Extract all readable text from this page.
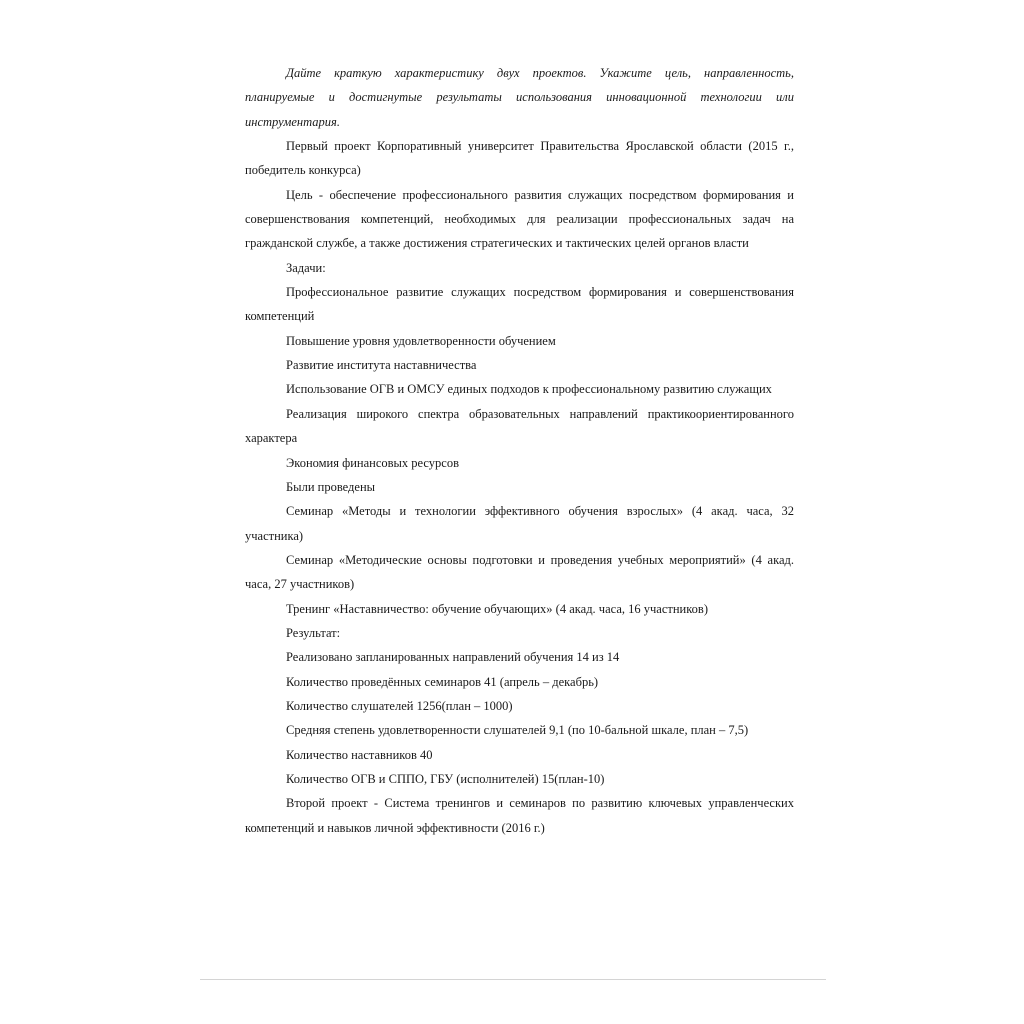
Дайте краткую характеристику двух проектов. Укажите цель, направленность, планируемые и достигнутые результаты использования инновационной технологии или инструментария.

Первый проект Корпоративный университет Правительства Ярославской области (2015 г., победитель конкурса)

Цель - обеспечение профессионального развития служащих посредством формирования и совершенствования компетенций, необходимых для реализации профессиональных задач на гражданской службе, а также достижения стратегических и тактических целей органов власти

Задачи:

Профессиональное развитие служащих посредством формирования и совершенствования компетенций

Повышение уровня удовлетворенности обучением

Развитие института наставничества

Использование ОГВ и ОМСУ единых подходов к профессиональному развитию служащих

Реализация широкого спектра образовательных направлений практикоориентированного характера

Экономия финансовых ресурсов

Были проведены

Семинар «Методы и технологии эффективного обучения взрослых» (4 акад. часа, 32 участника)

Семинар «Методические основы подготовки и проведения учебных мероприятий» (4 акад. часа, 27 участников)

Тренинг «Наставничество: обучение обучающих» (4 акад. часа, 16 участников)

Результат:

Реализовано запланированных направлений обучения 14 из 14

Количество проведённых семинаров 41 (апрель – декабрь)

Количество слушателей 1256(план – 1000)

Средняя степень удовлетворенности слушателей 9,1 (по 10-бальной шкале, план – 7,5)

Количество наставников 40

Количество ОГВ и СППО, ГБУ (исполнителей) 15(план-10)

Второй проект - Система тренингов и семинаров по развитию ключевых управленческих компетенций и навыков личной эффективности (2016 г.)
